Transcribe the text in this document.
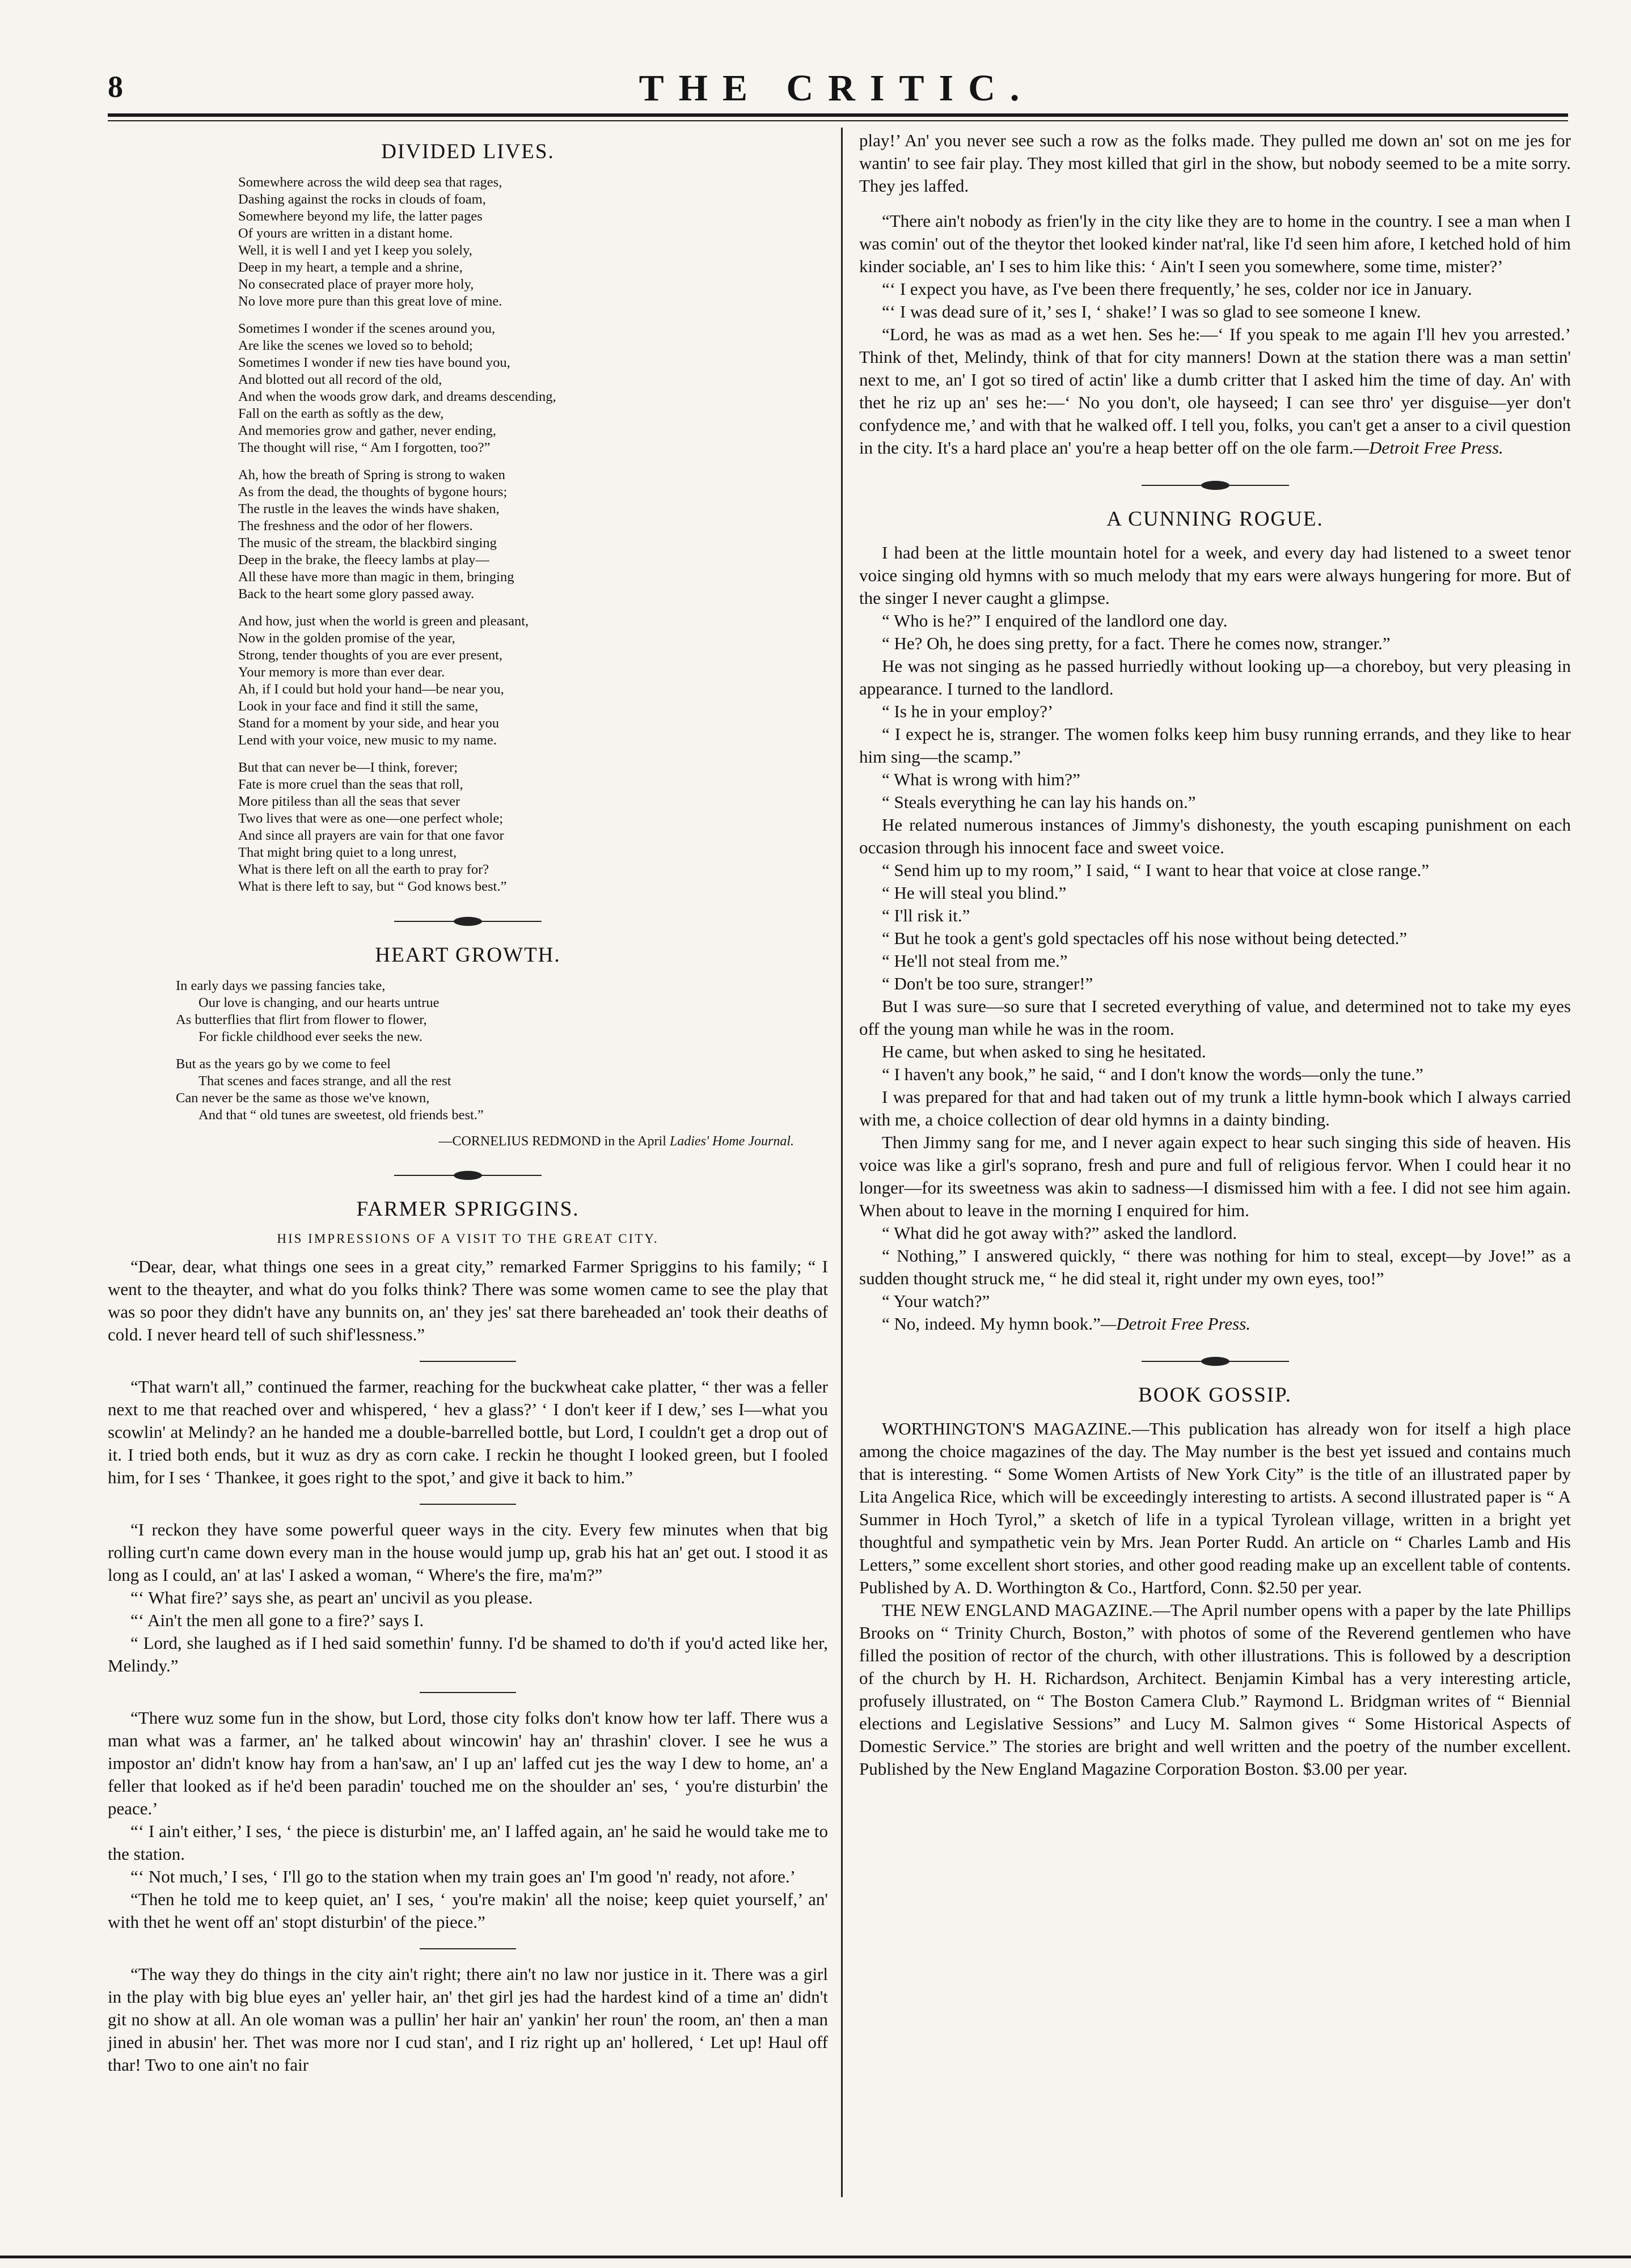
8	THE CRITIC.
DIVIDED LIVES.
Somewhere across the wild deep sea that rages,
Dashing against the rocks in clouds of foam,
Somewhere beyond my life, the latter pages
Of yours are written in a distant home.
Well, it is well I and yet I keep you solely,
Deep in my heart, a temple and a shrine,
No consecrated place of prayer more holy,
No love more pure than this great love of mine.
Sometimes I wonder if the scenes around you,
Are like the scenes we loved so to behold;
Sometimes I wonder if new ties have bound you,
And blotted out all record of the old,
And when the woods grow dark, and dreams descending,
Fall on the earth as softly as the dew,
And memories grow and gather, never ending,
The thought will rise, “ Am I forgotten, too?”
Ah, how the breath of Spring is strong to waken
As from the dead, the thoughts of bygone hours;
The rustle in the leaves the winds have shaken,
The freshness and the odor of her flowers.
The music of the stream, the blackbird singing
Deep in the brake, the fleecy lambs at play—
All these have more than magic in them, bringing
Back to the heart some glory passed away.
And how, just when the world is green and pleasant,
Now in the golden promise of the year,
Strong, tender thoughts of you are ever present,
Your memory is more than ever dear.
Ah, if I could but hold your hand—be near you,
Look in your face and find it still the same,
Stand for a moment by your side, and hear you
Lend with your voice, new music to my name.
But that can never be—I think, forever;
Fate is more cruel than the seas that roll,
More pitiless than all the seas that sever
Two lives that were as one—one perfect whole;
And since all prayers are vain for that one favor
That might bring quiet to a long unrest,
What is there left on all the earth to pray for?
What is there left to say, but “ God knows best.”
HEART GROWTH.
In early days we passing fancies take,
Our love is changing, and our hearts untrue
As butterflies that flirt from flower to flower,
For fickle childhood ever seeks the new.
But as the years go by we come to feel
That scenes and faces strange, and all the rest
Can never be the same as those we've known,
And that “ old tunes are sweetest, old friends best.”
—CORNELIUS REDMOND in the April Ladies' Home Journal.
FARMER SPRIGGINS.
HIS IMPRESSIONS OF A VISIT TO THE GREAT CITY.

“Dear, dear, what things one sees in a great city,” remarked Farmer Spriggins to his family; “ I went to the theayter, and what do you folks think? There was some women came to see the play that was so poor they didn't have any bunnits on, an' they jes' sat there bareheaded an' took their deaths of cold. I never heard tell of such shif'lessness.”

“That warn't all,” continued the farmer, reaching for the buckwheat cake platter, “ ther was a feller next to me that reached over and whispered, ‘ hev a glass?’ ‘ I don't keer if I dew,’ ses I—what you scowlin' at Melindy? an he handed me a double-barrelled bottle, but Lord, I couldn't get a drop out of it. I tried both ends, but it wuz as dry as corn cake. I reckin he thought I looked green, but I fooled him, for I ses ‘ Thankee, it goes right to the spot,’ and give it back to him.”

“I reckon they have some powerful queer ways in the city. Every few minutes when that big rolling curt'n came down every man in the house would jump up, grab his hat an' get out. I stood it as long as I could, an' at las' I asked a woman, “ Where's the fire, ma'm?”

“‘ What fire?’ says she, as peart an' uncivil as you please.

“‘ Ain't the men all gone to a fire?’ says I.

“ Lord, she laughed as if I hed said somethin' funny. I'd be shamed to do'th if you'd acted like her, Melindy.”

“There wuz some fun in the show, but Lord, those city folks don't know how ter laff. There wus a man what was a farmer, an' he talked about wincowin' hay an' thrashin' clover. I see he wus a impostor an' didn't know hay from a han'saw, an' I up an' laffed cut jes the way I dew to home, an' a feller that looked as if he'd been paradin' touched me on the shoulder an' ses, ‘ you're disturbin' the peace.’

“‘ I ain't either,’ I ses, ‘ the piece is disturbin' me, an' I laffed again, an' he said he would take me to the station.

“‘ Not much,’ I ses, ‘ I'll go to the station when my train goes an' I'm good 'n' ready, not afore.’

“Then he told me to keep quiet, an' I ses, ‘ you're makin' all the noise; keep quiet yourself,’ an' with thet he went off an' stopt disturbin' of the piece.”

“The way they do things in the city ain't right; there ain't no law nor justice in it. There was a girl in the play with big blue eyes an' yeller hair, an' thet girl jes had the hardest kind of a time an' didn't git no show at all. An ole woman was a pullin' her hair an' yankin' her roun' the room, an' then a man jined in abusin' her. Thet was more nor I cud stan', and I riz right up an' hollered, ‘ Let up! Haul off thar! Two to one ain't no fair

play!’ An' you never see such a row as the folks made. They pulled me down an' sot on me jes for wantin' to see fair play. They most killed that girl in the show, but nobody seemed to be a mite sorry. They jes laffed.

“There ain't nobody as frien'ly in the city like they are to home in the country. I see a man when I was comin' out of the theytor thet looked kinder nat'ral, like I'd seen him afore, I ketched hold of him kinder sociable, an' I ses to him like this: ‘ Ain't I seen you somewhere, some time, mister?’

“‘ I expect you have, as I've been there frequently,’ he ses, colder nor ice in January.

“‘ I was dead sure of it,’ ses I, ‘ shake!’ I was so glad to see someone I knew.

“Lord, he was as mad as a wet hen. Ses he:—‘ If you speak to me again I'll hev you arrested.’ Think of thet, Melindy, think of that for city manners! Down at the station there was a man settin' next to me, an' I got so tired of actin' like a dumb critter that I asked him the time of day. An' with thet he riz up an' ses he:—‘ No you don't, ole hayseed; I can see thro' yer disguise—yer don't confydence me,’ and with that he walked off. I tell you, folks, you can't get a anser to a civil question in the city. It's a hard place an' you're a heap better off on the ole farm.—Detroit Free Press.

A CUNNING ROGUE.

I had been at the little mountain hotel for a week, and every day had listened to a sweet tenor voice singing old hymns with so much melody that my ears were always hungering for more. But of the singer I never caught a glimpse.

“ Who is he?” I enquired of the landlord one day.

“ He? Oh, he does sing pretty, for a fact. There he comes now, stranger.”

He was not singing as he passed hurriedly without looking up—a choreboy, but very pleasing in appearance. I turned to the landlord.

“ Is he in your employ?’

“ I expect he is, stranger. The women folks keep him busy running errands, and they like to hear him sing—the scamp.”

“ What is wrong with him?”

“ Steals everything he can lay his hands on.”

He related numerous instances of Jimmy's dishonesty, the youth escaping punishment on each occasion through his innocent face and sweet voice.

“ Send him up to my room,” I said, “ I want to hear that voice at close range.”

“ He will steal you blind.”

“ I'll risk it.”

“ But he took a gent's gold spectacles off his nose without being detected.”

“ He'll not steal from me.”

“ Don't be too sure, stranger!”

But I was sure—so sure that I secreted everything of value, and determined not to take my eyes off the young man while he was in the room.

He came, but when asked to sing he hesitated.

“ I haven't any book,” he said, “ and I don't know the words—only the tune.”

I was prepared for that and had taken out of my trunk a little hymn-book which I always carried with me, a choice collection of dear old hymns in a dainty binding.

Then Jimmy sang for me, and I never again expect to hear such singing this side of heaven. His voice was like a girl's soprano, fresh and pure and full of religious fervor. When I could hear it no longer—for its sweetness was akin to sadness—I dismissed him with a fee. I did not see him again. When about to leave in the morning I enquired for him.

“ What did he got away with?” asked the landlord.

“ Nothing,” I answered quickly, “ there was nothing for him to steal, except—by Jove!” as a sudden thought struck me, “ he did steal it, right under my own eyes, too!”

“ Your watch?”

“ No, indeed. My hymn book.”—Detroit Free Press.

BOOK GOSSIP.

WORTHINGTON'S MAGAZINE.—This publication has already won for itself a high place among the choice magazines of the day. The May number is the best yet issued and contains much that is interesting. “ Some Women Artists of New York City” is the title of an illustrated paper by Lita Angelica Rice, which will be exceedingly interesting to artists. A second illustrated paper is “ A Summer in Hoch Tyrol,” a sketch of life in a typical Tyrolean village, written in a bright yet thoughtful and sympathetic vein by Mrs. Jean Porter Rudd. An article on “ Charles Lamb and His Letters,” some excellent short stories, and other good reading make up an excellent table of contents. Published by A. D. Worthington & Co., Hartford, Conn. $2.50 per year.

THE NEW ENGLAND MAGAZINE.—The April number opens with a paper by the late Phillips Brooks on “ Trinity Church, Boston,” with photos of some of the Reverend gentlemen who have filled the position of rector of the church, with other illustrations. This is followed by a description of the church by H. H. Richardson, Architect. Benjamin Kimbal has a very interesting article, profusely illustrated, on “ The Boston Camera Club.” Raymond L. Bridgman writes of “ Biennial elections and Legislative Sessions” and Lucy M. Salmon gives “ Some Historical Aspects of Domestic Service.” The stories are bright and well written and the poetry of the number excellent. Published by the New England Magazine Corporation Boston. $3.00 per year.
